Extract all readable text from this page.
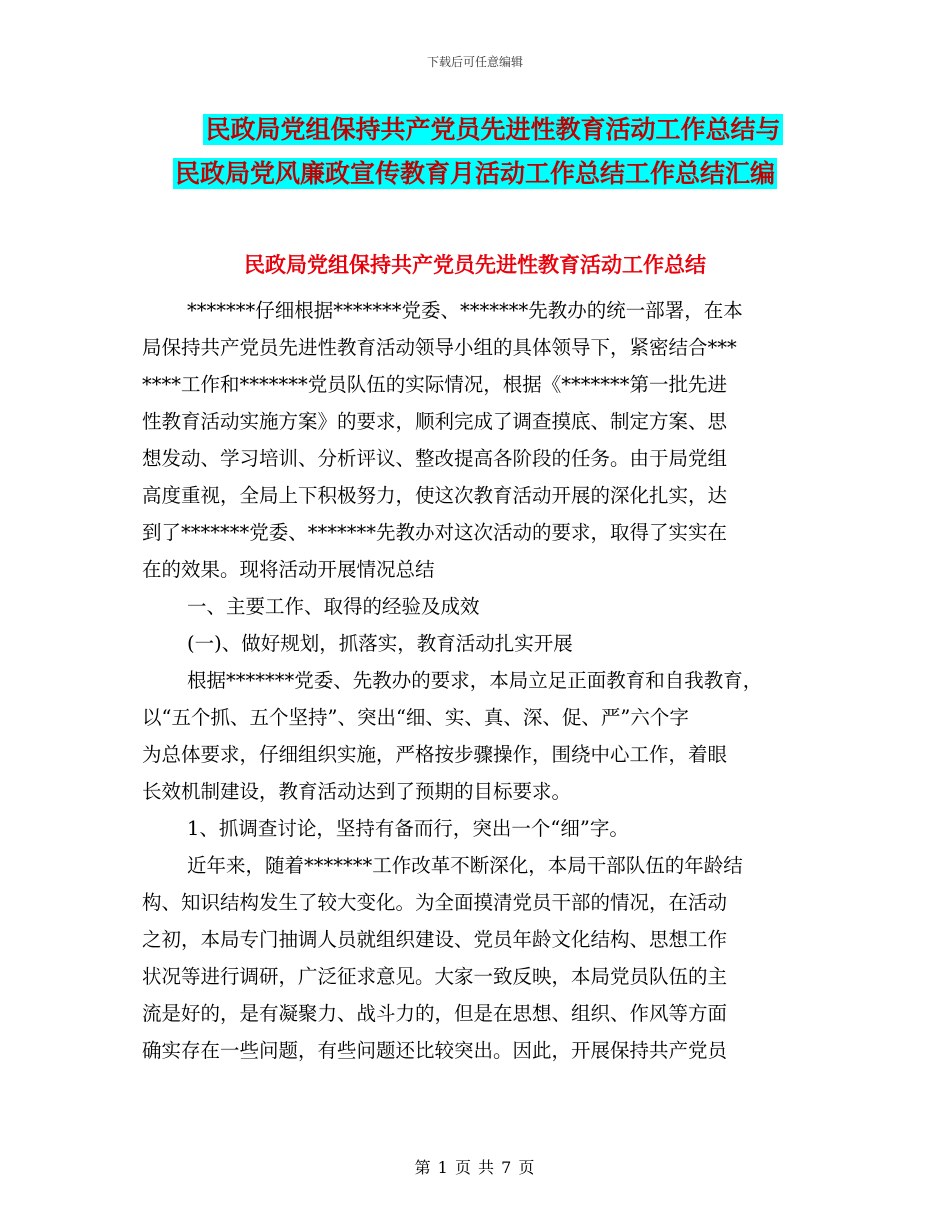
下载后可任意编辑
民政局党组保持共产党员先进性教育活动工作总结与
民政局党风廉政宣传教育月活动工作总结工作总结汇编
民政局党组保持共产党员先进性教育活动工作总结
*******仔细根据*******党委、*******先教办的统一部署，在本
局保持共产党员先进性教育活动领导小组的具体领导下，紧密结合***
****工作和*******党员队伍的实际情况，根据《*******第一批先进
性教育活动实施方案》的要求，顺利完成了调查摸底、制定方案、思
想发动、学习培训、分析评议、整改提高各阶段的任务。由于局党组
高度重视，全局上下积极努力，使这次教育活动开展的深化扎实，达
到了*******党委、*******先教办对这次活动的要求，取得了实实在
在的效果。现将活动开展情况总结
一、主要工作、取得的经验及成效
(一)、做好规划，抓落实，教育活动扎实开展
根据*******党委、先教办的要求，本局立足正面教育和自我教育，
以“五个抓、五个坚持”、突出“细、实、真、深、促、严”六个字
为总体要求，仔细组织实施，严格按步骤操作，围绕中心工作，着眼
长效机制建设，教育活动达到了预期的目标要求。
1、抓调查讨论，坚持有备而行，突出一个“细”字。
近年来，随着*******工作改革不断深化，本局干部队伍的年龄结
构、知识结构发生了较大变化。为全面摸清党员干部的情况，在活动
之初，本局专门抽调人员就组织建设、党员年龄文化结构、思想工作
状况等进行调研，广泛征求意见。大家一致反映，本局党员队伍的主
流是好的，是有凝聚力、战斗力的，但是在思想、组织、作风等方面
确实存在一些问题，有些问题还比较突出。因此，开展保持共产党员
第 1 页 共 7 页
